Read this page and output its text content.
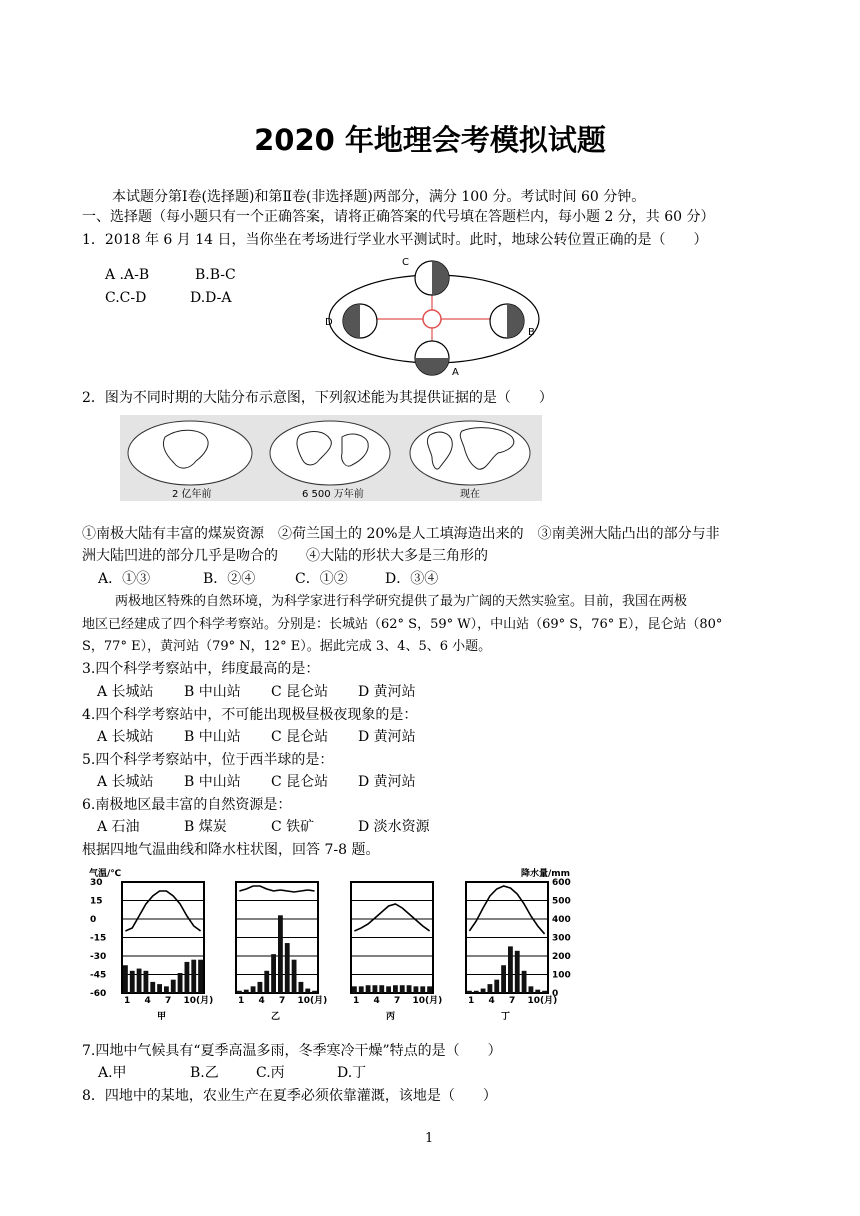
2020 年地理会考模拟试题
本试题分第Ⅰ卷(选择题)和第Ⅱ卷(非选择题)两部分，满分 100 分。考试时间 60 分钟。
一、选择题（每小题只有一个正确答案，请将正确答案的代号填在答题栏内，每小题 2 分，共 60 分）
1．2018 年 6 月 14 日，当你坐在考场进行学业水平测试时。此时，地球公转位置正确的是（　　）
A .A-B	B.B-C
C.C-D	D.D-A
C
D
B
A
2．图为不同时期的大陆分布示意图，下列叙述能为其提供证据的是（　　）
2 亿年前	6 500 万年前	现在
①南极大陆有丰富的煤炭资源　②荷兰国土的 20%是人工填海造出来的　③南美洲大陆凸出的部分与非
洲大陆凹进的部分几乎是吻合的　　④大陆的形状大多是三角形的
A．①③	B．②④	C．①②	D．③④
两极地区特殊的自然环境，为科学家进行科学研究提供了最为广阔的天然实验室。目前，我国在两极
地区已经建成了四个科学考察站。分别是：长城站（62° S，59° W），中山站（69° S，76° E），昆仑站（80°
S，77° E），黄河站（79° N，12° E）。据此完成 3、4、5、6 小题。
3.四个科学考察站中，纬度最高的是：
A 长城站 B 中山站 C 昆仑站 D 黄河站
4.四个科学考察站中，不可能出现极昼极夜现象的是：
A 长城站 B 中山站 C 昆仑站 D 黄河站
5.四个科学考察站中，位于西半球的是：
A 长城站 B 中山站 C 昆仑站 D 黄河站
6.南极地区最丰富的自然资源是：
A 石油	B 煤炭	C 铁矿	D 淡水资源
根据四地气温曲线和降水柱状图，回答 7-8 题。
气温/℃	降水量/mm
30
15
0
-15
-30
-45
-60
600
500
400
300
200
100
0
1 4 7 10(月)
甲
1 4 7 10(月)
乙
1 4 7 10(月)
丙
1 4 7 10(月)
丁
7.四地中气候具有“夏季高温多雨，冬季寒冷干燥”特点的是（　　）
A.甲	B.乙	C.丙	D.丁
8．四地中的某地，农业生产在夏季必须依靠灌溉，该地是（　　）
1
